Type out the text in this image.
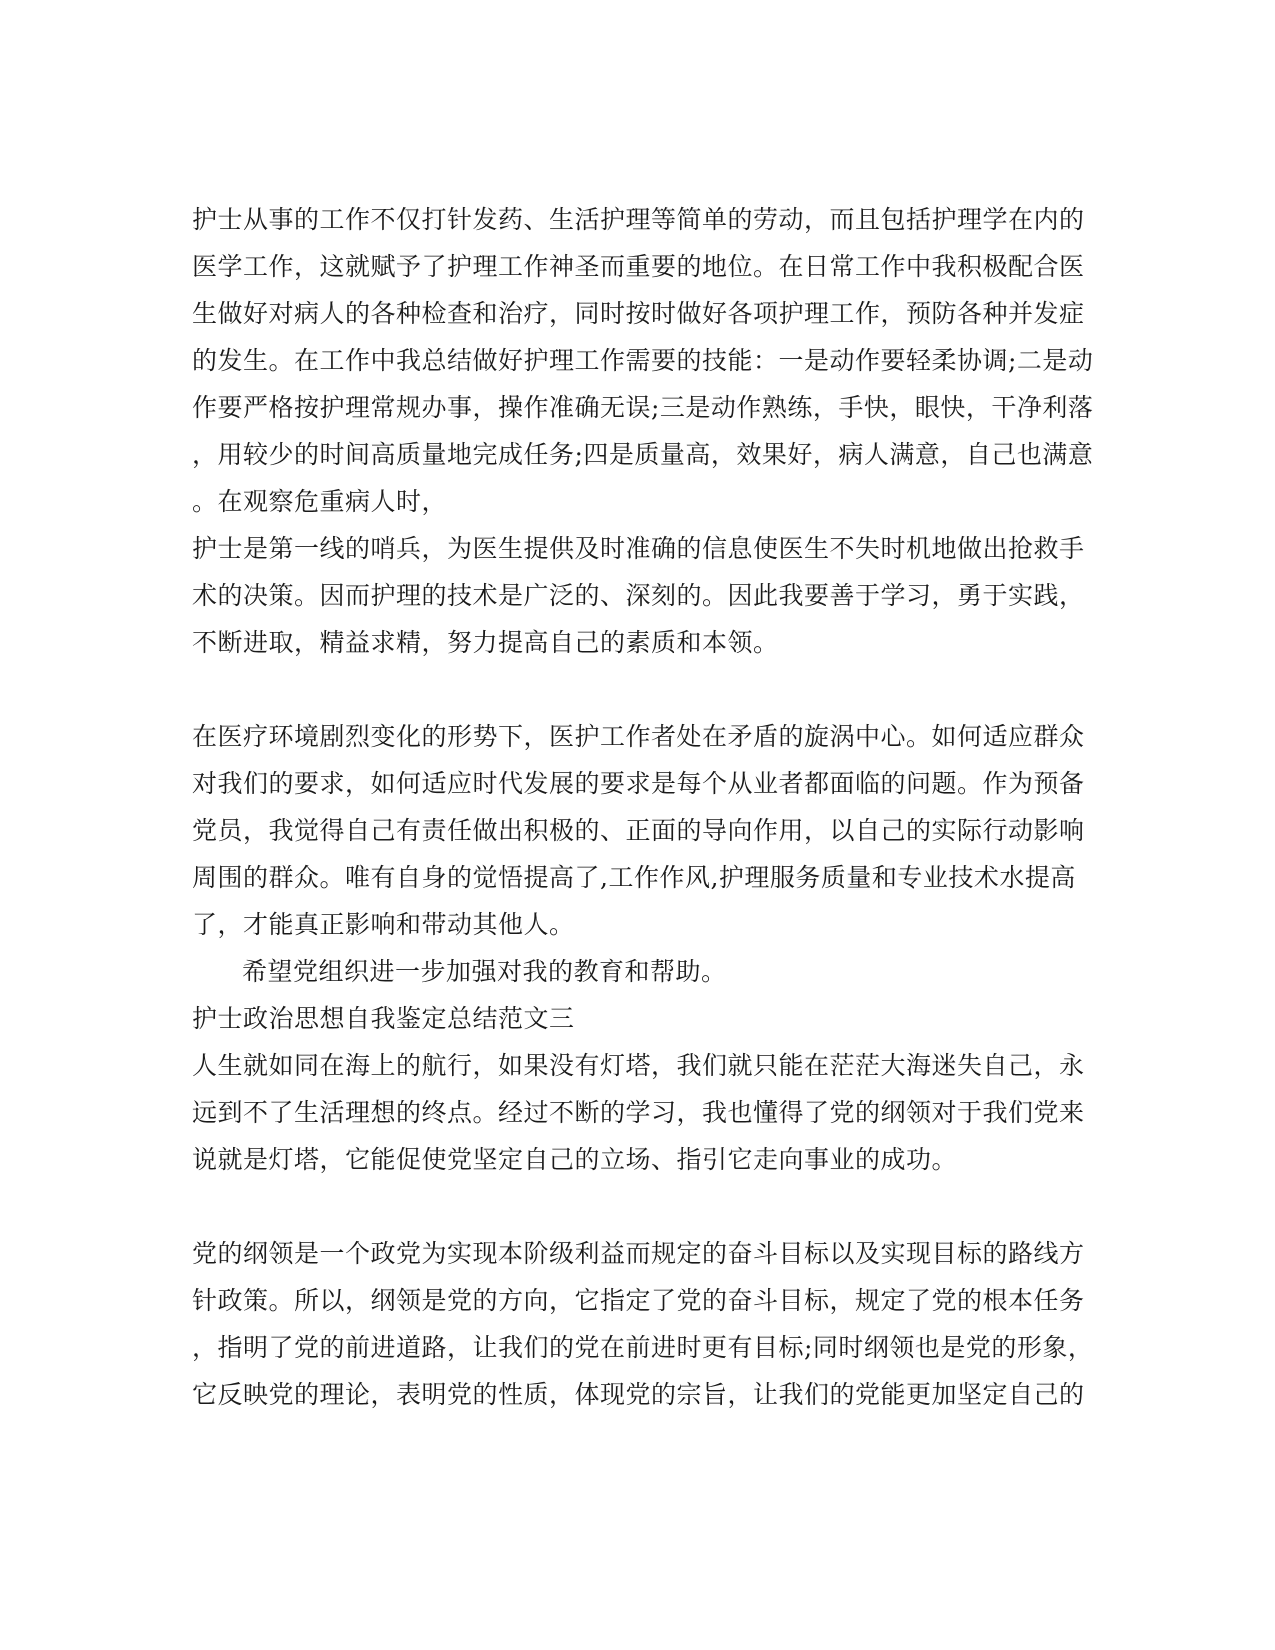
护士从事的工作不仅打针发药、生活护理等简单的劳动，而且包括护理学在内的
医学工作，这就赋予了护理工作神圣而重要的地位。在日常工作中我积极配合医
生做好对病人的各种检查和治疗，同时按时做好各项护理工作，预防各种并发症
的发生。在工作中我总结做好护理工作需要的技能：一是动作要轻柔协调;二是动
作要严格按护理常规办事，操作准确无误;三是动作熟练，手快，眼快，干净利落
，用较少的时间高质量地完成任务;四是质量高，效果好，病人满意，自己也满意
。在观察危重病人时，
护士是第一线的哨兵，为医生提供及时准确的信息使医生不失时机地做出抢救手
术的决策。因而护理的技术是广泛的、深刻的。因此我要善于学习，勇于实践，
不断进取，精益求精，努力提高自己的素质和本领。
在医疗环境剧烈变化的形势下，医护工作者处在矛盾的旋涡中心。如何适应群众
对我们的要求，如何适应时代发展的要求是每个从业者都面临的问题。作为预备
党员，我觉得自己有责任做出积极的、正面的导向作用，以自己的实际行动影响
周围的群众。唯有自身的觉悟提高了,工作作风,护理服务质量和专业技术水提高
了，才能真正影响和带动其他人。
希望党组织进一步加强对我的教育和帮助。
护士政治思想自我鉴定总结范文三
人生就如同在海上的航行，如果没有灯塔，我们就只能在茫茫大海迷失自己，永
远到不了生活理想的终点。经过不断的学习，我也懂得了党的纲领对于我们党来
说就是灯塔，它能促使党坚定自己的立场、指引它走向事业的成功。
党的纲领是一个政党为实现本阶级利益而规定的奋斗目标以及实现目标的路线方
针政策。所以，纲领是党的方向，它指定了党的奋斗目标，规定了党的根本任务
，指明了党的前进道路，让我们的党在前进时更有目标;同时纲领也是党的形象，
它反映党的理论，表明党的性质，体现党的宗旨，让我们的党能更加坚定自己的
